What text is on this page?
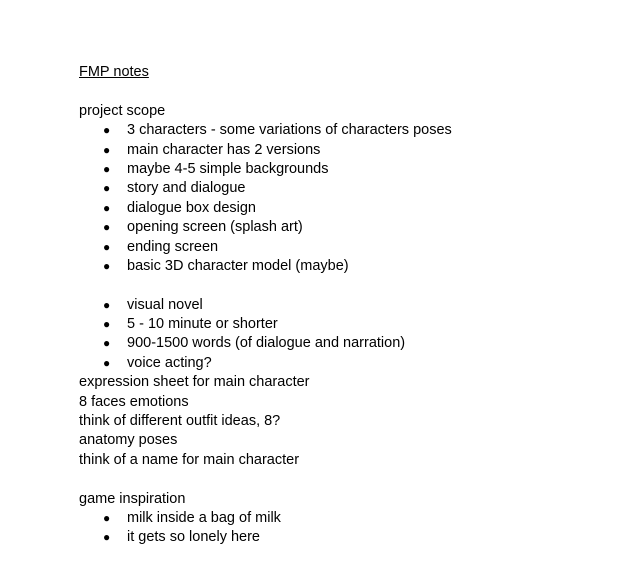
FMP notes
project scope
● 3 characters - some variations of characters poses
● main character has 2 versions
● maybe 4-5 simple backgrounds
● story and dialogue
● dialogue box design
● opening screen (splash art)
● ending screen
● basic 3D character model (maybe)
● visual novel
● 5 - 10 minute or shorter
● 900-1500 words (of dialogue and narration)
● voice acting?
expression sheet for main character
8 faces emotions
think of different outfit ideas, 8?
anatomy poses
think of a name for main character
game inspiration
● milk inside a bag of milk
● it gets so lonely here
